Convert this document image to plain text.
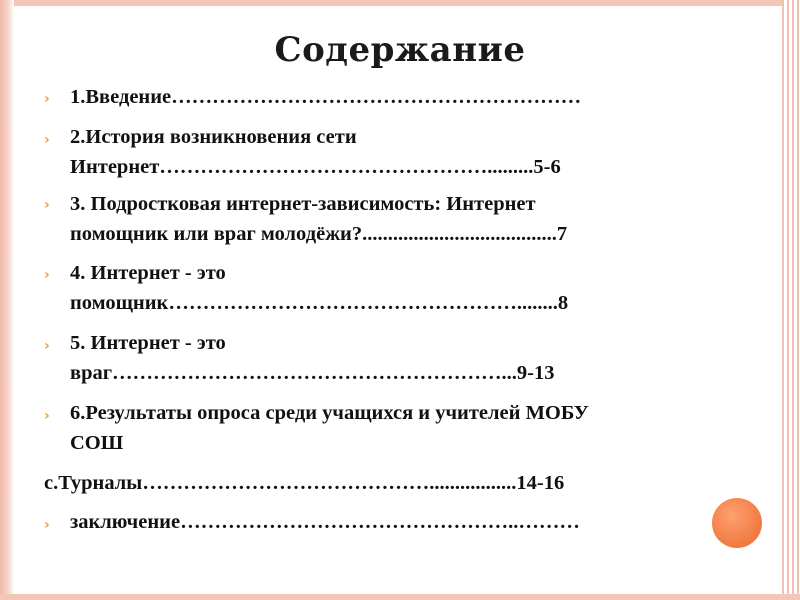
Содержание
› 1.Введение……………………………………………………
› 2.История возникновения сети
Интернет………………………………………….........5-6
› 3. Подростковая интернет-зависимость: Интернет
помощник или враг молодёжи?......................................7
› 4. Интернет - это
помощник……………………………………………........8
› 5. Интернет - это
враг…………………………………………………...9-13
› 6.Результаты опроса среди учащихся и учителей МОБУ
СОШ
с.Турналы…………………………………….................14-16
› заключение…………………………………………..………
